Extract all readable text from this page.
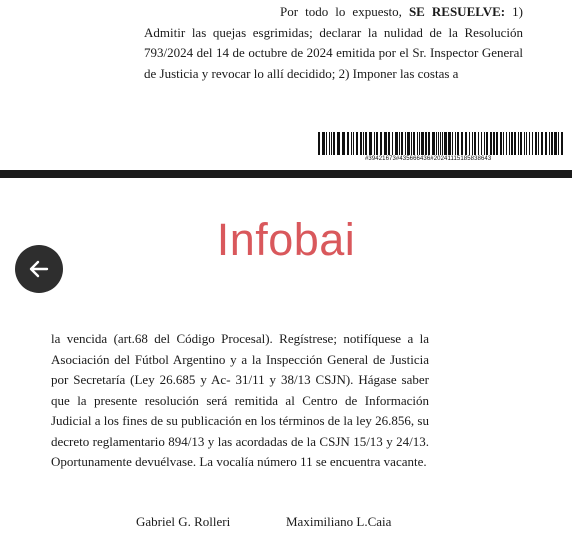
Por todo lo expuesto, SE RESUELVE: 1) Admitir las quejas esgrimidas; declarar la nulidad de la Resolución 793/2024 del 14 de octubre de 2024 emitida por el Sr. Inspector General de Justicia y revocar lo allí decidido; 2) Imponer las costas a

#39421673#435666436#20241115185838643
Infobai

la vencida (art.68 del Código Procesal). Regístrese; notifíquese a la Asociación del Fútbol Argentino y a la Inspección General de Justicia por Secretaría (Ley 26.685 y Ac- 31/11 y 38/13 CSJN). Hágase saber que la presente resolución será remitida al Centro de Información Judicial a los fines de su publicación en los términos de la ley 26.856, su decreto reglamentario 894/13 y las acordadas de la CSJN 15/13 y 24/13. Oportunamente devuélvase. La vocalía número 11 se encuentra vacante.

Gabriel G. Rolleri	Maximiliano L.Caia
